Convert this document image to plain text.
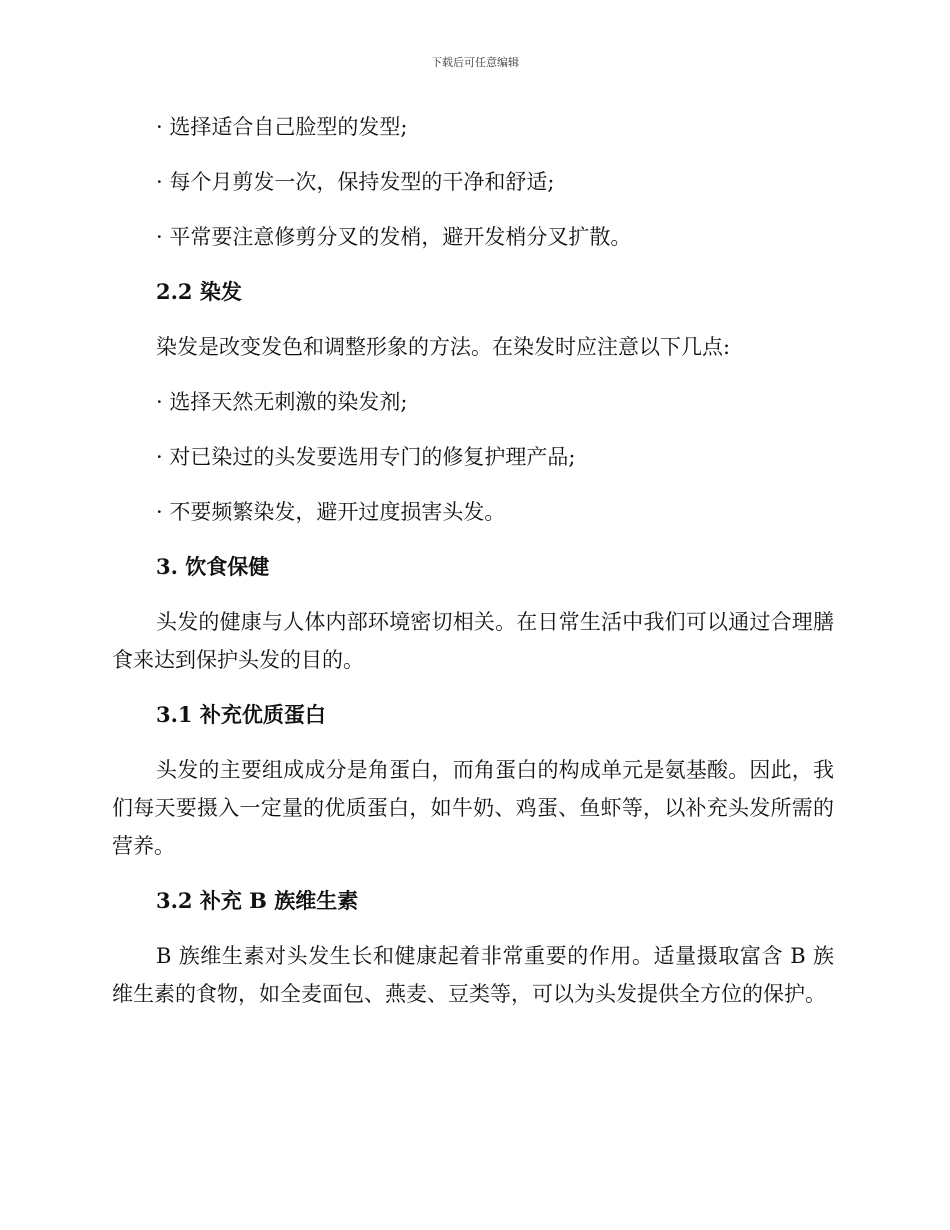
下载后可任意编辑

· 选择适合自己脸型的发型;

· 每个月剪发一次，保持发型的干净和舒适;

· 平常要注意修剪分叉的发梢，避开发梢分叉扩散。

2.2 染发

染发是改变发色和调整形象的方法。在染发时应注意以下几点:

· 选择天然无刺激的染发剂;

· 对已染过的头发要选用专门的修复护理产品;

· 不要频繁染发，避开过度损害头发。

3. 饮食保健

头发的健康与人体内部环境密切相关。在日常生活中我们可以通过合理膳食来达到保护头发的目的。

3.1 补充优质蛋白

头发的主要组成成分是角蛋白，而角蛋白的构成单元是氨基酸。因此，我们每天要摄入一定量的优质蛋白，如牛奶、鸡蛋、鱼虾等，以补充头发所需的营养。

3.2 补充 B 族维生素

B 族维生素对头发生长和健康起着非常重要的作用。适量摄取富含 B 族维生素的食物，如全麦面包、燕麦、豆类等，可以为头发提供全方位的保护。
